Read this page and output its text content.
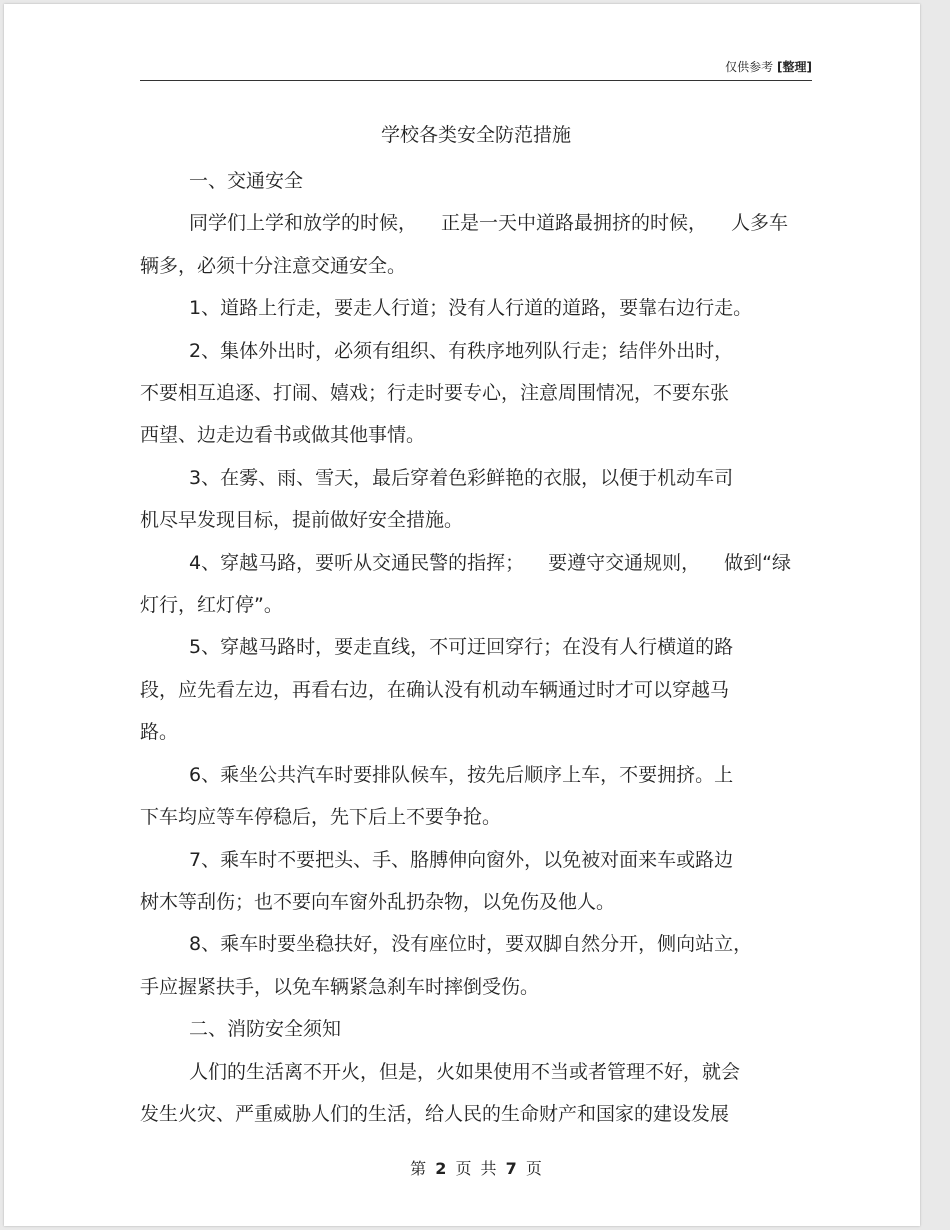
仅供参考 [整理]
学校各类安全防范措施

一、交通安全

同学们上学和放学的时候， 正是一天中道路最拥挤的时候， 人多车

辆多，必须十分注意交通安全。

1、道路上行走，要走人行道；没有人行道的道路，要靠右边行走。

2、集体外出时，必须有组织、有秩序地列队行走；结伴外出时，

不要相互追逐、打闹、嬉戏；行走时要专心，注意周围情况，不要东张

西望、边走边看书或做其他事情。

3、在雾、雨、雪天，最后穿着色彩鲜艳的衣服，以便于机动车司

机尽早发现目标，提前做好安全措施。

4、穿越马路，要听从交通民警的指挥； 要遵守交通规则， 做到“绿

灯行，红灯停”。

5、穿越马路时，要走直线，不可迂回穿行；在没有人行横道的路

段，应先看左边，再看右边，在确认没有机动车辆通过时才可以穿越马

路。

6、乘坐公共汽车时要排队候车，按先后顺序上车，不要拥挤。上

下车均应等车停稳后，先下后上不要争抢。

7、乘车时不要把头、手、胳膊伸向窗外，以免被对面来车或路边

树木等刮伤；也不要向车窗外乱扔杂物，以免伤及他人。

8、乘车时要坐稳扶好，没有座位时，要双脚自然分开，侧向站立，

手应握紧扶手，以免车辆紧急刹车时摔倒受伤。

二、消防安全须知

人们的生活离不开火，但是，火如果使用不当或者管理不好，就会

发生火灾、严重威胁人们的生活，给人民的生命财产和国家的建设发展

第 2 页 共 7 页
